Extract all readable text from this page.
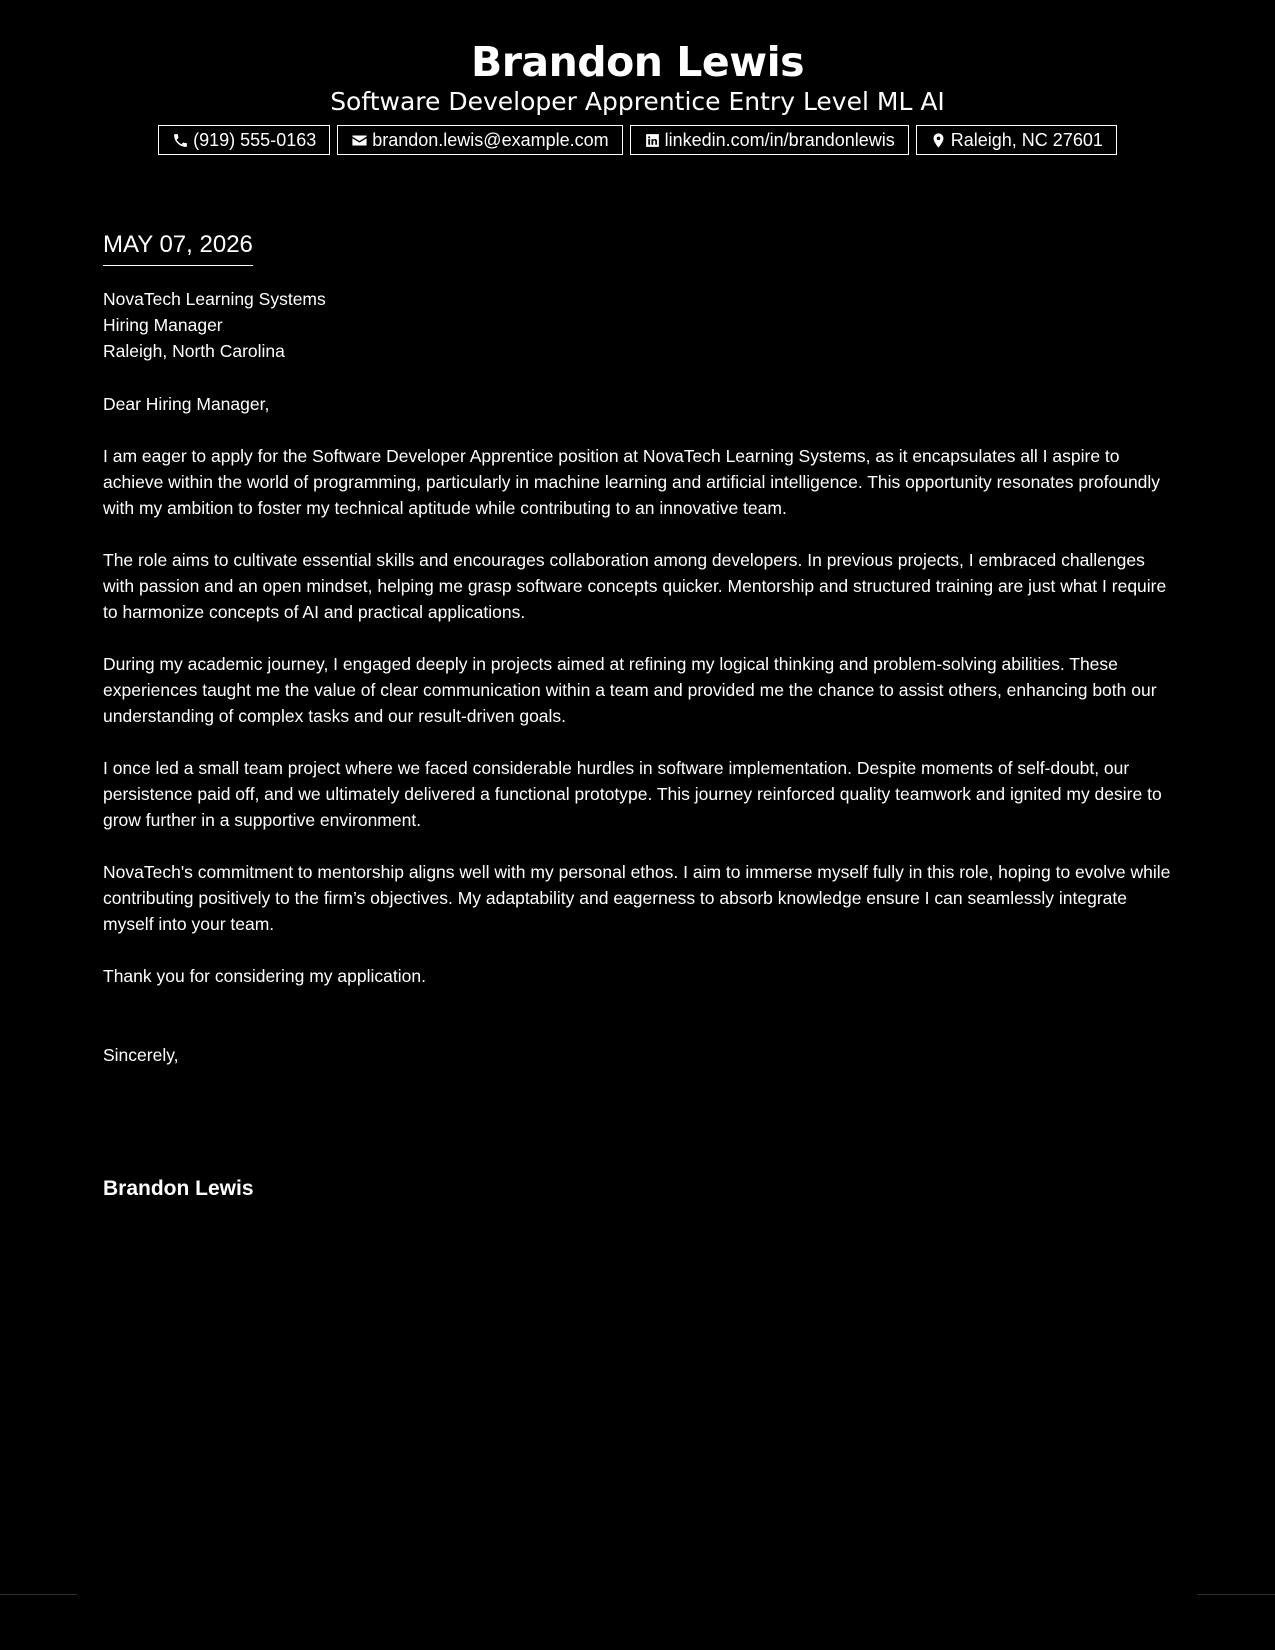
Brandon Lewis
Software Developer Apprentice Entry Level ML AI
(919) 555-0163	brandon.lewis@example.com	linkedin.com/in/brandonlewis	Raleigh, NC 27601
MAY 07, 2026
NovaTech Learning Systems
Hiring Manager
Raleigh, North Carolina
Dear Hiring Manager,

I am eager to apply for the Software Developer Apprentice position at NovaTech Learning Systems, as it encapsulates all I aspire to achieve within the world of programming, particularly in machine learning and artificial intelligence. This opportunity resonates profoundly with my ambition to foster my technical aptitude while contributing to an innovative team.

The role aims to cultivate essential skills and encourages collaboration among developers. In previous projects, I embraced challenges with passion and an open mindset, helping me grasp software concepts quicker. Mentorship and structured training are just what I require to harmonize concepts of AI and practical applications.

During my academic journey, I engaged deeply in projects aimed at refining my logical thinking and problem-solving abilities. These experiences taught me the value of clear communication within a team and provided me the chance to assist others, enhancing both our understanding of complex tasks and our result-driven goals.

I once led a small team project where we faced considerable hurdles in software implementation. Despite moments of self-doubt, our persistence paid off, and we ultimately delivered a functional prototype. This journey reinforced quality teamwork and ignited my desire to grow further in a supportive environment.

NovaTech's commitment to mentorship aligns well with my personal ethos. I aim to immerse myself fully in this role, hoping to evolve while contributing positively to the firm’s objectives. My adaptability and eagerness to absorb knowledge ensure I can seamlessly integrate myself into your team.

Thank you for considering my application.

Sincerely,
Brandon Lewis
